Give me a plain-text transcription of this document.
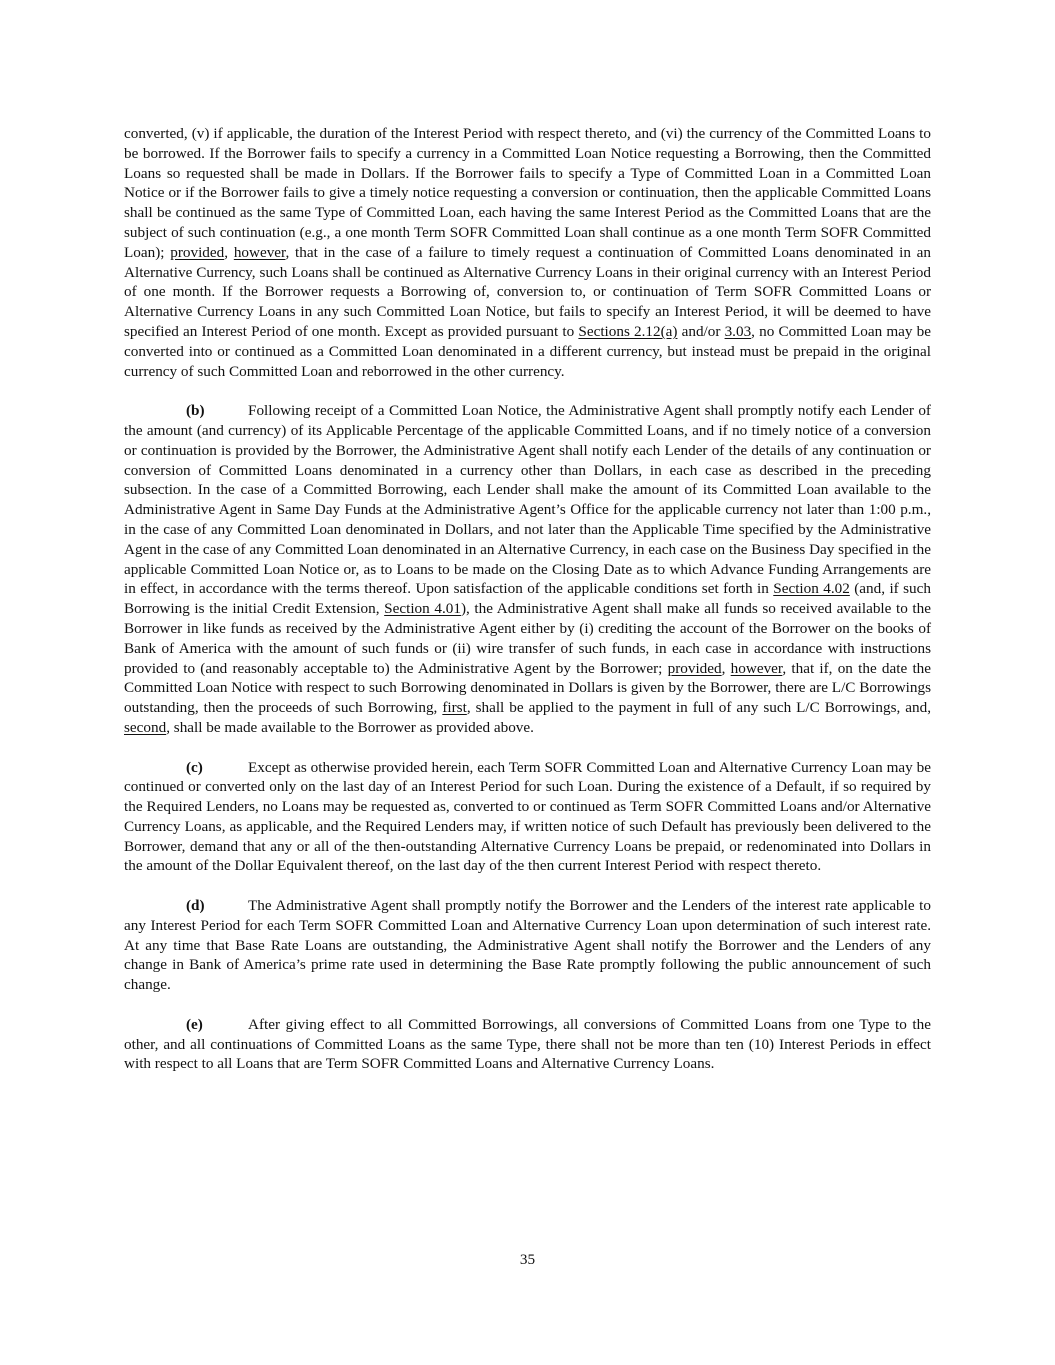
converted, (v) if applicable, the duration of the Interest Period with respect thereto, and (vi) the currency of the Committed Loans to be borrowed. If the Borrower fails to specify a currency in a Committed Loan Notice requesting a Borrowing, then the Committed Loans so requested shall be made in Dollars. If the Borrower fails to specify a Type of Committed Loan in a Committed Loan Notice or if the Borrower fails to give a timely notice requesting a conversion or continuation, then the applicable Committed Loans shall be continued as the same Type of Committed Loan, each having the same Interest Period as the Committed Loans that are the subject of such continuation (e.g., a one month Term SOFR Committed Loan shall continue as a one month Term SOFR Committed Loan); provided, however, that in the case of a failure to timely request a continuation of Committed Loans denominated in an Alternative Currency, such Loans shall be continued as Alternative Currency Loans in their original currency with an Interest Period of one month. If the Borrower requests a Borrowing of, conversion to, or continuation of Term SOFR Committed Loans or Alternative Currency Loans in any such Committed Loan Notice, but fails to specify an Interest Period, it will be deemed to have specified an Interest Period of one month. Except as provided pursuant to Sections 2.12(a) and/or 3.03, no Committed Loan may be converted into or continued as a Committed Loan denominated in a different currency, but instead must be prepaid in the original currency of such Committed Loan and reborrowed in the other currency.

(b)	Following receipt of a Committed Loan Notice, the Administrative Agent shall promptly notify each Lender of the amount (and currency) of its Applicable Percentage of the applicable Committed Loans, and if no timely notice of a conversion or continuation is provided by the Borrower, the Administrative Agent shall notify each Lender of the details of any continuation or conversion of Committed Loans denominated in a currency other than Dollars, in each case as described in the preceding subsection. In the case of a Committed Borrowing, each Lender shall make the amount of its Committed Loan available to the Administrative Agent in Same Day Funds at the Administrative Agent’s Office for the applicable currency not later than 1:00 p.m., in the case of any Committed Loan denominated in Dollars, and not later than the Applicable Time specified by the Administrative Agent in the case of any Committed Loan denominated in an Alternative Currency, in each case on the Business Day specified in the applicable Committed Loan Notice or, as to Loans to be made on the Closing Date as to which Advance Funding Arrangements are in effect, in accordance with the terms thereof. Upon satisfaction of the applicable conditions set forth in Section 4.02 (and, if such Borrowing is the initial Credit Extension, Section 4.01), the Administrative Agent shall make all funds so received available to the Borrower in like funds as received by the Administrative Agent either by (i) crediting the account of the Borrower on the books of Bank of America with the amount of such funds or (ii) wire transfer of such funds, in each case in accordance with instructions provided to (and reasonably acceptable to) the Administrative Agent by the Borrower; provided, however, that if, on the date the Committed Loan Notice with respect to such Borrowing denominated in Dollars is given by the Borrower, there are L/C Borrowings outstanding, then the proceeds of such Borrowing, first, shall be applied to the payment in full of any such L/C Borrowings, and, second, shall be made available to the Borrower as provided above.

(c)	Except as otherwise provided herein, each Term SOFR Committed Loan and Alternative Currency Loan may be continued or converted only on the last day of an Interest Period for such Loan. During the existence of a Default, if so required by the Required Lenders, no Loans may be requested as, converted to or continued as Term SOFR Committed Loans and/or Alternative Currency Loans, as applicable, and the Required Lenders may, if written notice of such Default has previously been delivered to the Borrower, demand that any or all of the then-outstanding Alternative Currency Loans be prepaid, or redenominated into Dollars in the amount of the Dollar Equivalent thereof, on the last day of the then current Interest Period with respect thereto.

(d)	The Administrative Agent shall promptly notify the Borrower and the Lenders of the interest rate applicable to any Interest Period for each Term SOFR Committed Loan and Alternative Currency Loan upon determination of such interest rate. At any time that Base Rate Loans are outstanding, the Administrative Agent shall notify the Borrower and the Lenders of any change in Bank of America’s prime rate used in determining the Base Rate promptly following the public announcement of such change.

(e)	After giving effect to all Committed Borrowings, all conversions of Committed Loans from one Type to the other, and all continuations of Committed Loans as the same Type, there shall not be more than ten (10) Interest Periods in effect with respect to all Loans that are Term SOFR Committed Loans and Alternative Currency Loans.

35
